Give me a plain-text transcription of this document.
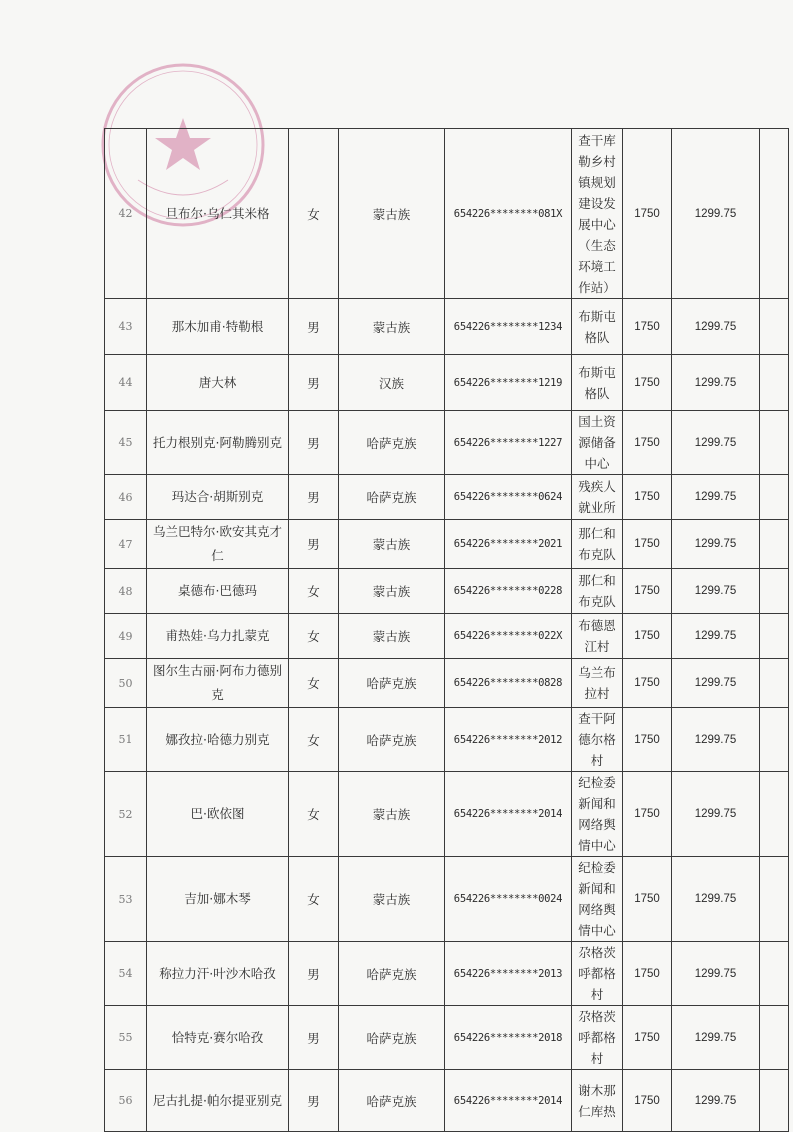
42	旦布尔·乌仁其米格	女	蒙古族	654226********081X	查干库勒乡村镇规划建设发展中心（生态环境工作站）	1750	1299.75	
43	那木加甫·特勒根	男	蒙古族	654226********1234	布斯屯格队	1750	1299.75	
44	唐大林	男	汉族	654226********1219	布斯屯格队	1750	1299.75	
45	托力根别克·阿勒腾别克	男	哈萨克族	654226********1227	国土资源储备中心	1750	1299.75	
46	玛达合·胡斯别克	男	哈萨克族	654226********0624	残疾人就业所	1750	1299.75	
47	乌兰巴特尔·欧安其克才仁	男	蒙古族	654226********2021	那仁和布克队	1750	1299.75	
48	桌德布·巴德玛	女	蒙古族	654226********0228	那仁和布克队	1750	1299.75	
49	甫热娃·乌力扎蒙克	女	蒙古族	654226********022X	布德恩江村	1750	1299.75	
50	图尔生古丽·阿布力德别克	女	哈萨克族	654226********0828	乌兰布拉村	1750	1299.75	
51	娜孜拉·哈德力别克	女	哈萨克族	654226********2012	查干阿德尔格村	1750	1299.75	
52	巴·欧依图	女	蒙古族	654226********2014	纪检委新闻和网络舆情中心	1750	1299.75	
53	吉加·娜木琴	女	蒙古族	654226********0024	纪检委新闻和网络舆情中心	1750	1299.75	
54	称拉力汗·叶沙木哈孜	男	哈萨克族	654226********2013	尕格茨呼都格村	1750	1299.75	
55	恰特克·赛尔哈孜	男	哈萨克族	654226********2018	尕格茨呼都格村	1750	1299.75	
56	尼古扎提·帕尔提亚别克	男	哈萨克族	654226********2014	谢木那仁库热	1750	1299.75	
